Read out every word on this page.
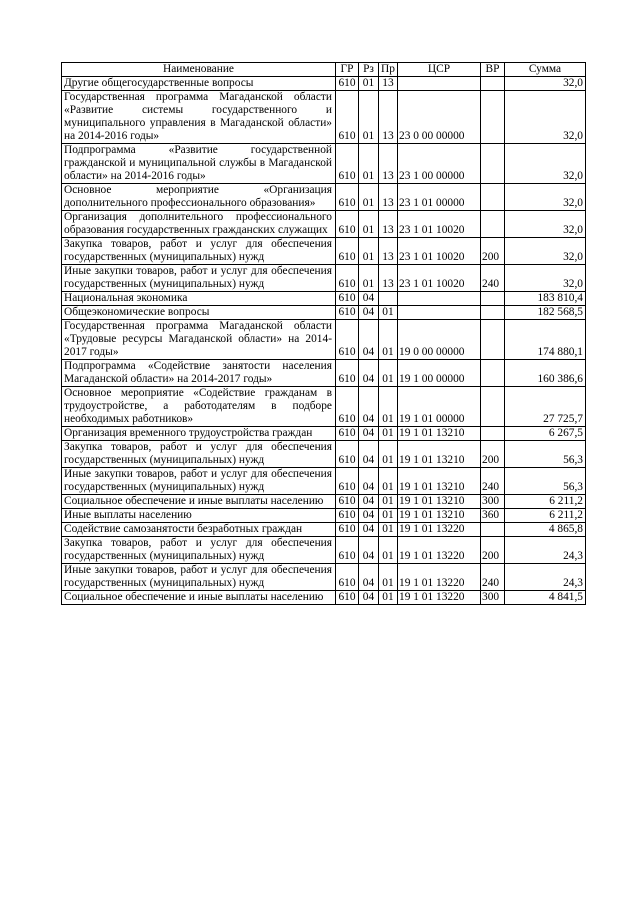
Наименование	ГР	Рз	Пр	ЦСР	ВР	Сумма
Другие общегосударственные вопросы	610	01	13			32,0
Государственная программа Магаданской области «Развитие системы государственного и муниципального управления в Магаданской области» на 2014-2016 годы»	610	01	13	23 0 00 00000		32,0
Подпрограмма «Развитие государственной гражданской и муниципальной службы в Магаданской области» на 2014-2016 годы»	610	01	13	23 1 00 00000		32,0
Основное мероприятие «Организация дополнительного профессионального образования»	610	01	13	23 1 01 00000		32,0
Организация дополнительного профессионального образования государственных гражданских служащих	610	01	13	23 1 01 10020		32,0
Закупка товаров, работ и услуг для обеспечения государственных (муниципальных) нужд	610	01	13	23 1 01 10020	200	32,0
Иные закупки товаров, работ и услуг для обеспечения государственных (муниципальных) нужд	610	01	13	23 1 01 10020	240	32,0
Национальная экономика	610	04				183 810,4
Общеэкономические вопросы	610	04	01			182 568,5
Государственная программа Магаданской области «Трудовые ресурсы Магаданской области» на 2014-2017 годы»	610	04	01	19 0 00 00000		174 880,1
Подпрограмма «Содействие занятости населения Магаданской области» на 2014-2017 годы»	610	04	01	19 1 00 00000		160 386,6
Основное мероприятие «Содействие гражданам в трудоустройстве, а работодателям в подборе необходимых работников»	610	04	01	19 1 01 00000		27 725,7
Организация временного трудоустройства граждан	610	04	01	19 1 01 13210		6 267,5
Закупка товаров, работ и услуг для обеспечения государственных (муниципальных) нужд	610	04	01	19 1 01 13210	200	56,3
Иные закупки товаров, работ и услуг для обеспечения государственных (муниципальных) нужд	610	04	01	19 1 01 13210	240	56,3
Социальное обеспечение и иные выплаты населению	610	04	01	19 1 01 13210	300	6 211,2
Иные выплаты населению	610	04	01	19 1 01 13210	360	6 211,2
Содействие самозанятости безработных граждан	610	04	01	19 1 01 13220		4 865,8
Закупка товаров, работ и услуг для обеспечения государственных (муниципальных) нужд	610	04	01	19 1 01 13220	200	24,3
Иные закупки товаров, работ и услуг для обеспечения государственных (муниципальных) нужд	610	04	01	19 1 01 13220	240	24,3
Социальное обеспечение и иные выплаты населению	610	04	01	19 1 01 13220	300	4 841,5
